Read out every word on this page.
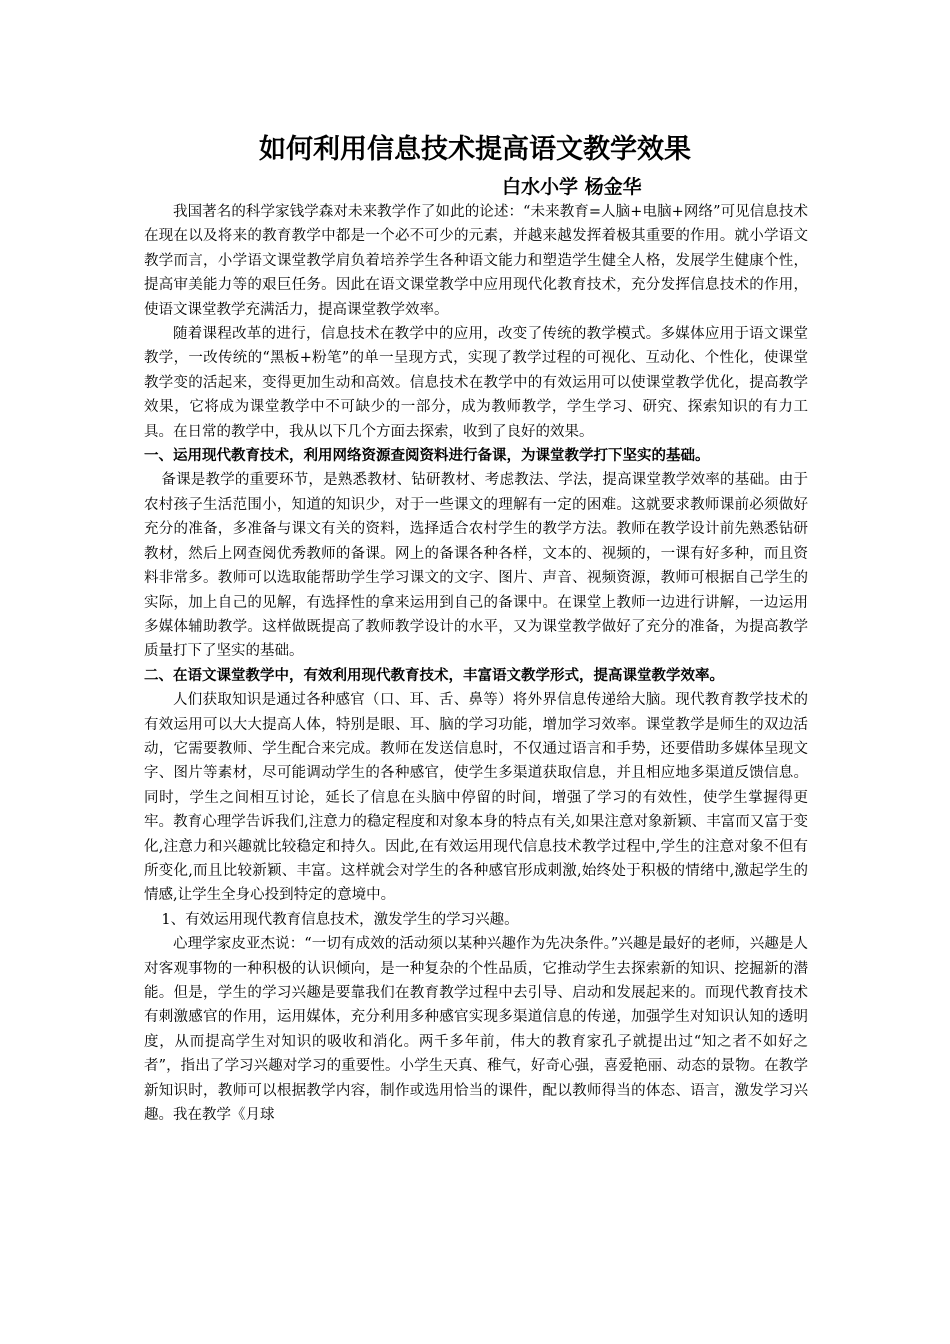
如何利用信息技术提高语文教学效果
白水小学 杨金华

我国著名的科学家钱学森对未来教学作了如此的论述：“未来教育=人脑+电脑+网络”可见信息技术在现在以及将来的教育教学中都是一个必不可少的元素，并越来越发挥着极其重要的作用。就小学语文教学而言，小学语文课堂教学肩负着培养学生各种语文能力和塑造学生健全人格，发展学生健康个性，提高审美能力等的艰巨任务。因此在语文课堂教学中应用现代化教育技术，充分发挥信息技术的作用，使语文课堂教学充满活力，提高课堂教学效率。

随着课程改革的进行，信息技术在教学中的应用，改变了传统的教学模式。多媒体应用于语文课堂教学，一改传统的“黑板+粉笔”的单一呈现方式，实现了教学过程的可视化、互动化、个性化，使课堂教学变的活起来，变得更加生动和高效。信息技术在教学中的有效运用可以使课堂教学优化，提高教学效果，它将成为课堂教学中不可缺少的一部分，成为教师教学，学生学习、研究、探索知识的有力工具。在日常的教学中，我从以下几个方面去探索，收到了良好的效果。

一、运用现代教育技术，利用网络资源查阅资料进行备课，为课堂教学打下坚实的基础。

备课是教学的重要环节，是熟悉教材、钻研教材、考虑教法、学法，提高课堂教学效率的基础。由于农村孩子生活范围小，知道的知识少，对于一些课文的理解有一定的困难。这就要求教师课前必须做好充分的准备，多准备与课文有关的资料，选择适合农村学生的教学方法。教师在教学设计前先熟悉钻研教材，然后上网查阅优秀教师的备课。网上的备课各种各样，文本的、视频的，一课有好多种，而且资料非常多。教师可以选取能帮助学生学习课文的文字、图片、声音、视频资源，教师可根据自己学生的实际，加上自己的见解，有选择性的拿来运用到自己的备课中。在课堂上教师一边进行讲解，一边运用多媒体辅助教学。这样做既提高了教师教学设计的水平，又为课堂教学做好了充分的准备，为提高教学质量打下了坚实的基础。

二、在语文课堂教学中，有效利用现代教育技术，丰富语文教学形式，提高课堂教学效率。

人们获取知识是通过各种感官（口、耳、舌、鼻等）将外界信息传递给大脑。现代教育教学技术的有效运用可以大大提高人体，特别是眼、耳、脑的学习功能，增加学习效率。课堂教学是师生的双边活动，它需要教师、学生配合来完成。教师在发送信息时，不仅通过语言和手势，还要借助多媒体呈现文字、图片等素材，尽可能调动学生的各种感官，使学生多渠道获取信息，并且相应地多渠道反馈信息。同时，学生之间相互讨论，延长了信息在头脑中停留的时间，增强了学习的有效性，使学生掌握得更牢。教育心理学告诉我们,注意力的稳定程度和对象本身的特点有关,如果注意对象新颖、丰富而又富于变化,注意力和兴趣就比较稳定和持久。因此,在有效运用现代信息技术教学过程中,学生的注意对象不但有所变化,而且比较新颖、丰富。这样就会对学生的各种感官形成刺激,始终处于积极的情绪中,激起学生的情感,让学生全身心投到特定的意境中。

1、有效运用现代教育信息技术，激发学生的学习兴趣。

心理学家皮亚杰说：“一切有成效的活动须以某种兴趣作为先决条件。”兴趣是最好的老师，兴趣是人对客观事物的一种积极的认识倾向，是一种复杂的个性品质，它推动学生去探索新的知识、挖掘新的潜能。但是，学生的学习兴趣是要靠我们在教育教学过程中去引导、启动和发展起来的。而现代教育技术有刺激感官的作用，运用媒体，充分利用多种感官实现多渠道信息的传递，加强学生对知识认知的透明度，从而提高学生对知识的吸收和消化。两千多年前，伟大的教育家孔子就提出过“知之者不如好之者”，指出了学习兴趣对学习的重要性。小学生天真、稚气，好奇心强，喜爱艳丽、动态的景物。在教学新知识时，教师可以根据教学内容，制作或选用恰当的课件，配以教师得当的体态、语言，激发学习兴趣。我在教学《月球
